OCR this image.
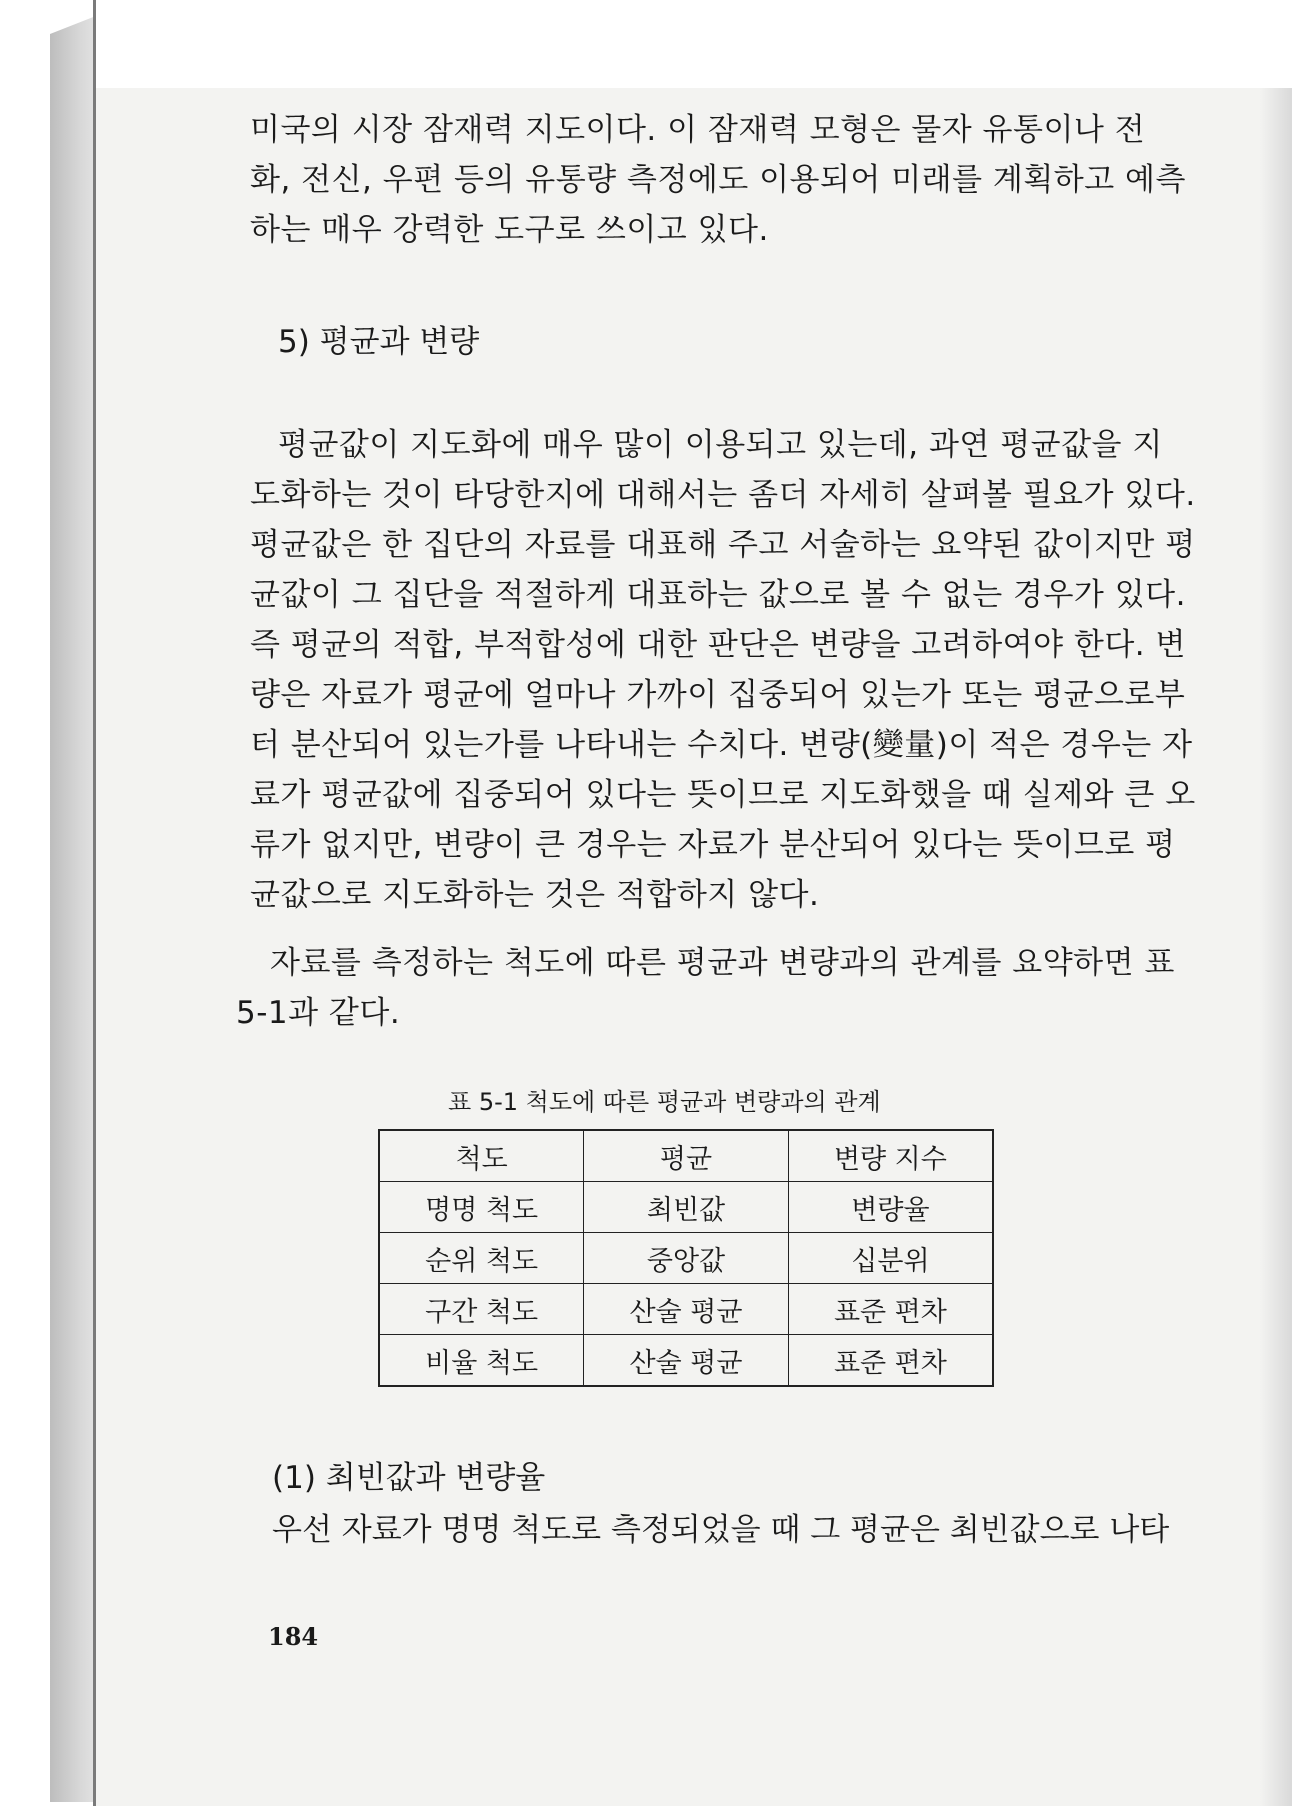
미국의 시장 잠재력 지도이다. 이 잠재력 모형은 물자 유통이나 전
화, 전신, 우편 등의 유통량 측정에도 이용되어 미래를 계획하고 예측
하는 매우 강력한 도구로 쓰이고 있다.
5) 평균과 변량
평균값이 지도화에 매우 많이 이용되고 있는데, 과연 평균값을 지
도화하는 것이 타당한지에 대해서는 좀더 자세히 살펴볼 필요가 있다.
평균값은 한 집단의 자료를 대표해 주고 서술하는 요약된 값이지만 평
균값이 그 집단을 적절하게 대표하는 값으로 볼 수 없는 경우가 있다.
즉 평균의 적합, 부적합성에 대한 판단은 변량을 고려하여야 한다. 변
량은 자료가 평균에 얼마나 가까이 집중되어 있는가 또는 평균으로부
터 분산되어 있는가를 나타내는 수치다. 변량(變量)이 적은 경우는 자
료가 평균값에 집중되어 있다는 뜻이므로 지도화했을 때 실제와 큰 오
류가 없지만, 변량이 큰 경우는 자료가 분산되어 있다는 뜻이므로 평
균값으로 지도화하는 것은 적합하지 않다.
자료를 측정하는 척도에 따른 평균과 변량과의 관계를 요약하면 표
5-1과 같다.
표 5-1 척도에 따른 평균과 변량과의 관계
척도	평균	변량 지수
명명 척도	최빈값	변량율
순위 척도	중앙값	십분위
구간 척도	산술 평균	표준 편차
비율 척도	산술 평균	표준 편차
(1) 최빈값과 변량율
우선 자료가 명명 척도로 측정되었을 때 그 평균은 최빈값으로 나타
184
